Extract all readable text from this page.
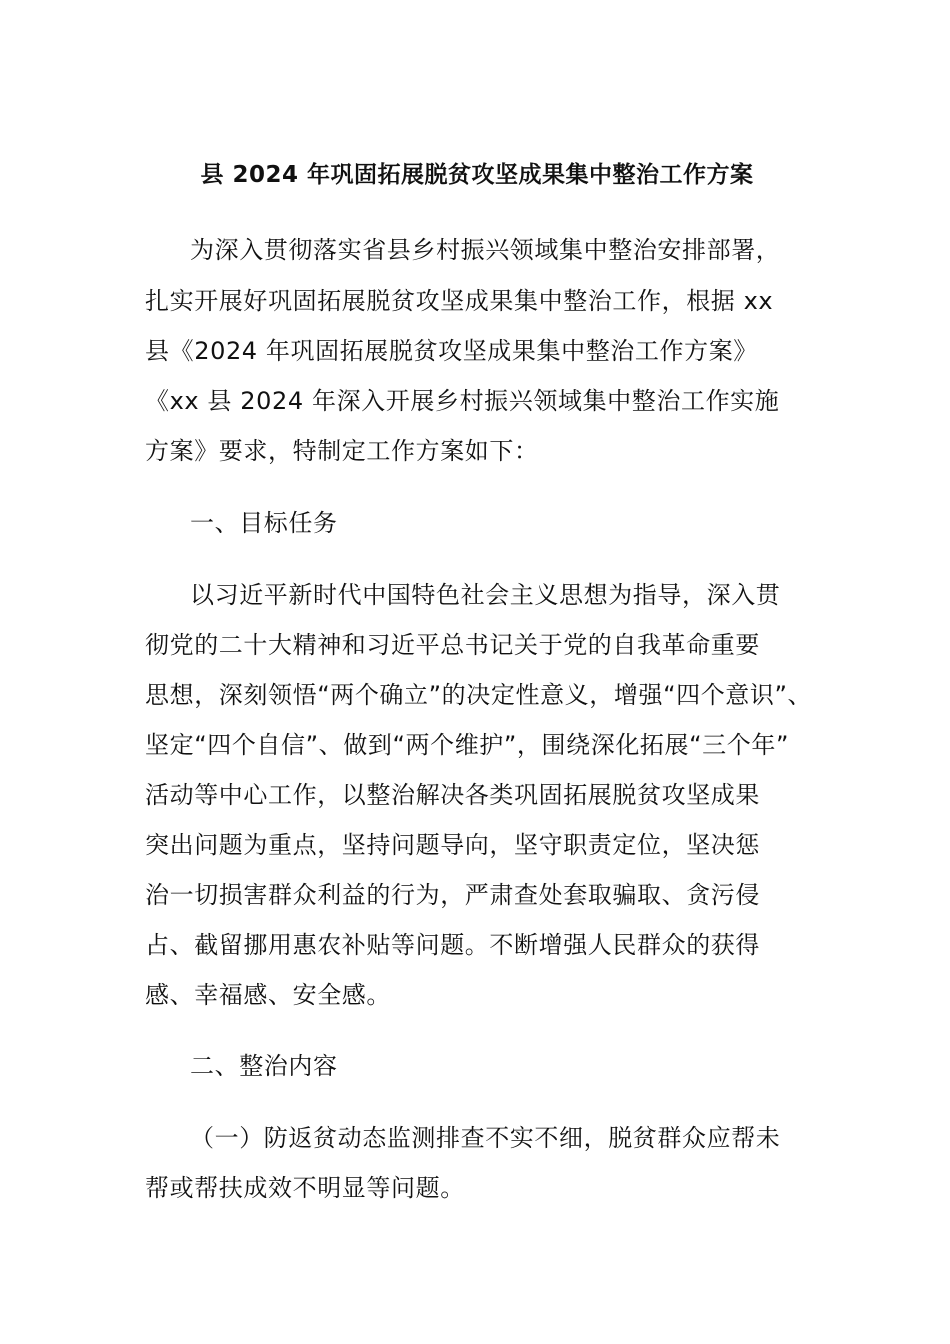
县 2024 年巩固拓展脱贫攻坚成果集中整治工作方案
为深入贯彻落实省县乡村振兴领域集中整治安排部署，
扎实开展好巩固拓展脱贫攻坚成果集中整治工作，根据 xx
县《2024 年巩固拓展脱贫攻坚成果集中整治工作方案》
《xx 县 2024 年深入开展乡村振兴领域集中整治工作实施
方案》要求，特制定工作方案如下：
一、目标任务
以习近平新时代中国特色社会主义思想为指导，深入贯
彻党的二十大精神和习近平总书记关于党的自我革命重要
思想，深刻领悟“两个确立”的决定性意义，增强“四个意识”、
坚定“四个自信”、做到“两个维护”，围绕深化拓展“三个年”
活动等中心工作，以整治解决各类巩固拓展脱贫攻坚成果
突出问题为重点，坚持问题导向，坚守职责定位，坚决惩
治一切损害群众利益的行为，严肃查处套取骗取、贪污侵
占、截留挪用惠农补贴等问题。不断增强人民群众的获得
感、幸福感、安全感。
二、整治内容
（一）防返贫动态监测排查不实不细，脱贫群众应帮未
帮或帮扶成效不明显等问题。
